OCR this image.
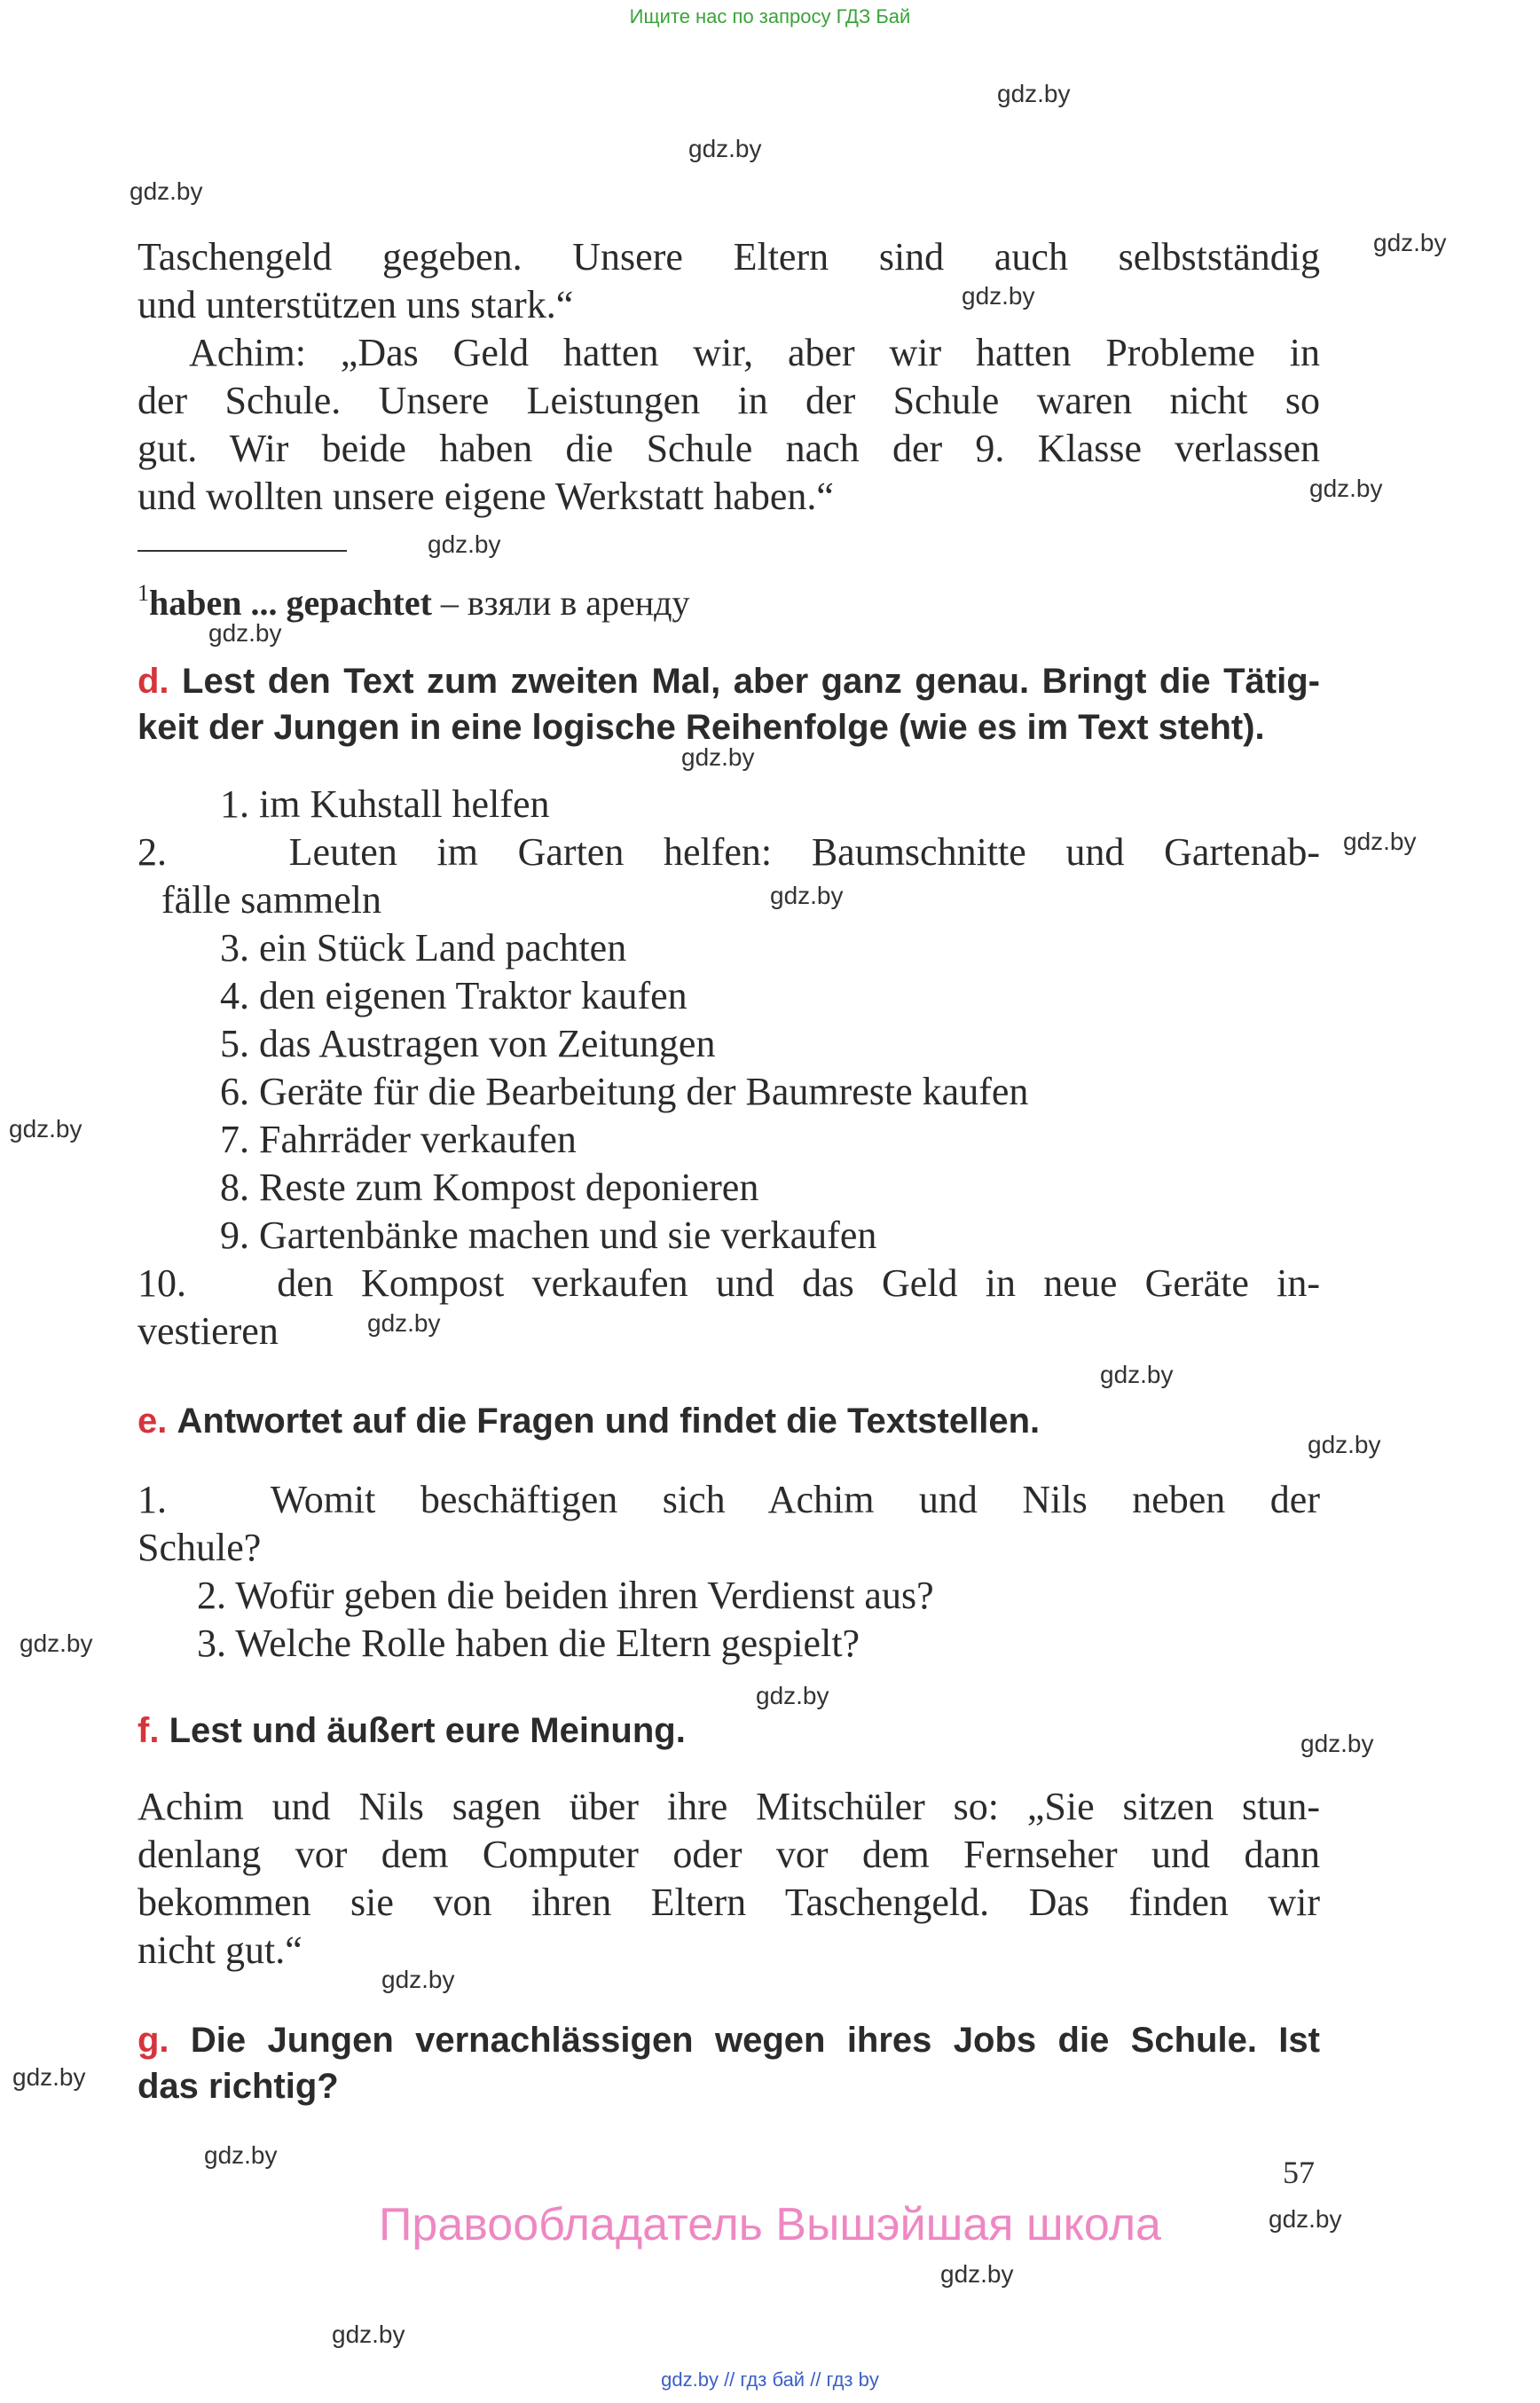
Ищите нас по запросу ГДЗ Бай
gdz.by
gdz.by
gdz.by
gdz.by
gdz.by
gdz.by
gdz.by
gdz.by
gdz.by
gdz.by
gdz.by
gdz.by
gdz.by
gdz.by
gdz.by
gdz.by
gdz.by
gdz.by
gdz.by
gdz.by
gdz.by
gdz.by
gdz.by
gdz.by
Taschengeld gegeben. Unsere Eltern sind auch selbstständig
und unterstützen uns stark.“
Achim: „Das Geld hatten wir, aber wir hatten Probleme in
der Schule. Unsere Leistungen in der Schule waren nicht so
gut. Wir beide haben die Schule nach der 9. Klasse verlassen
und wollten unsere eigene Werkstatt haben.“
$^1$haben ... gepachtet – взяли в аренду
d. Lest den Text zum zweiten Mal, aber ganz genau. Bringt die Tätig-
keit der Jungen in eine logische Reihenfolge (wie es im Text steht).
1. im Kuhstall helfen
2.	Leuten im Garten helfen: Baumschnitte und Gartenab-
fälle sammeln
3. ein Stück Land pachten
4. den eigenen Traktor kaufen
5. das Austragen von Zeitungen
6. Geräte für die Bearbeitung der Baumreste kaufen
7. Fahrräder verkaufen
8. Reste zum Kompost deponieren
9. Gartenbänke machen und sie verkaufen
10. den Kompost verkaufen und das Geld in neue Geräte in-
vestieren
e. Antwortet auf die Fragen und findet die Textstellen.
1.	Womit beschäftigen sich Achim und Nils neben der
Schule?
2. Wofür geben die beiden ihren Verdienst aus?
3. Welche Rolle haben die Eltern gespielt?
f. Lest und äußert eure Meinung.
Achim und Nils sagen über ihre Mitschüler so: „Sie sitzen stun-
denlang vor dem Computer oder vor dem Fernseher und dann
bekommen sie von ihren Eltern Taschengeld. Das finden wir
nicht gut.“
g. Die Jungen vernachlässigen wegen ihres Jobs die Schule. Ist
das richtig?
57
Правообладатель Вышэйшая школа
gdz.by // гдз бай // гдз by
